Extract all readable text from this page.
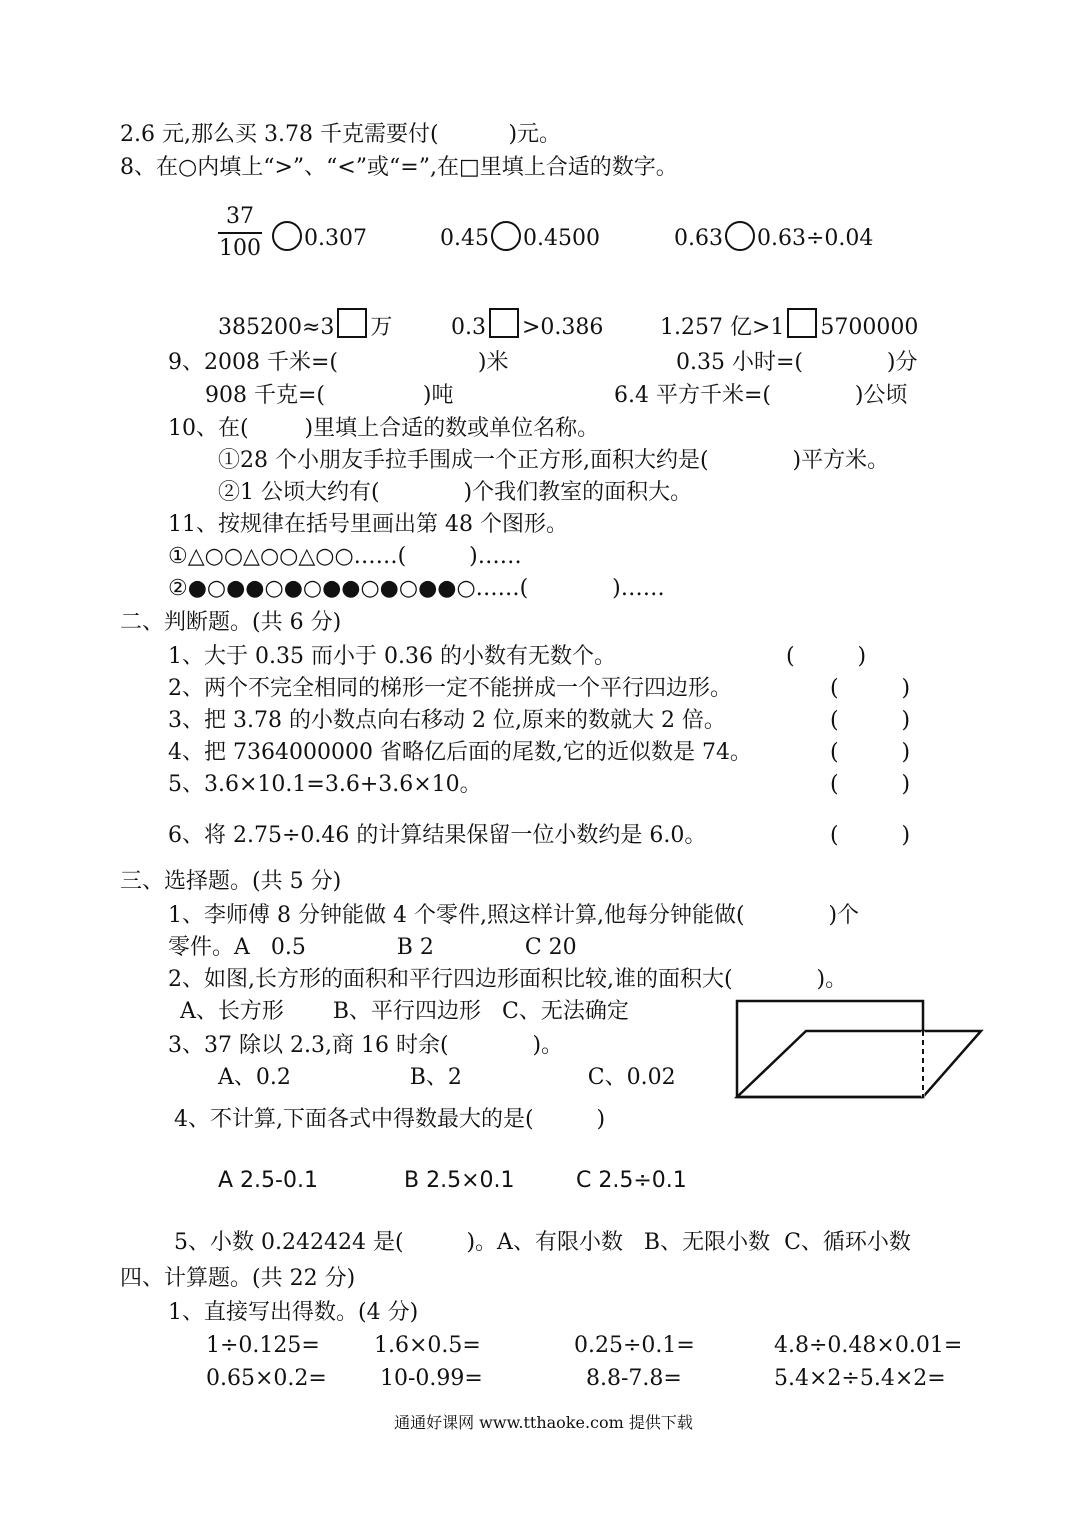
2.6 元,那么买 3.78 千克需要付(          )元。
8、在○内填上“>”、“<”或“=”,在□里填上合适的数字。
37
100	0.307	0.45 0.4500	0.63 0.63÷0.04
385200≈3 万	0.3 >0.386	1.257 亿>1 5700000
9、2008 千米=(                    )米	0.35 小时=(            )分
908 千克=(              )吨	6.4 平方千米=(            )公顷
10、在(        )里填上合适的数或单位名称。
①28 个小朋友手拉手围成一个正方形,面积大约是(            )平方米。
②1 公顷大约有(            )个我们教室的面积大。
11、按规律在括号里画出第 48 个图形。
①△○○△○○△○○……(         )……
②●○●●○●○●●○●○●●○……(            )……
二、判断题。(共 6 分)
1、大于 0.35 而小于 0.36 的小数有无数个。	(         )
2、两个不完全相同的梯形一定不能拼成一个平行四边形。	(         )
3、把 3.78 的小数点向右移动 2 位,原来的数就大 2 倍。	(         )
4、把 7364000000 省略亿后面的尾数,它的近似数是 74。	(         )
5、3.6×10.1=3.6+3.6×10。	(         )
6、将 2.75÷0.46 的计算结果保留一位小数约是 6.0。	(         )
三、选择题。(共 5 分)
1、李师傅 8 分钟能做 4 个零件,照这样计算,他每分钟能做(            )个
零件。A   0.5             B 2             C 20
2、如图,长方形的面积和平行四边形面积比较,谁的面积大(            )。
A、长方形       B、平行四边形   C、无法确定
3、37 除以 2.3,商 16 时余(            )。
A、0.2                 B、2                  C、0.02
4、不计算,下面各式中得数最大的是(         )
A 2.5-0.1	B 2.5×0.1	C 2.5÷0.1
5、小数 0.242424 是(         )。A、有限小数   B、无限小数  C、循环小数
四、计算题。(共 22 分)
1、直接写出得数。(4 分)
1÷0.125= 1.6×0.5=	0.25÷0.1=	4.8÷0.48×0.01=
0.65×0.2= 10-0.99=	8.8-7.8=	5.4×2÷5.4×2=
通通好课网 www.tthaoke.com 提供下载
